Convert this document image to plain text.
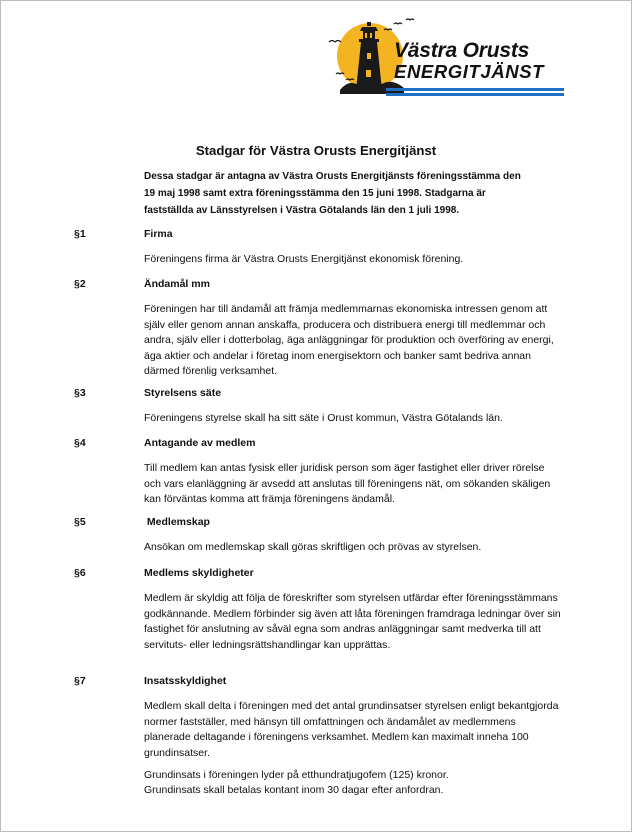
Västra Orusts
ENERGITJÄNST
Stadgar för Västra Orusts Energitjänst

Dessa stadgar är antagna av Västra Orusts Energitjänsts föreningsstämma den 19 maj 1998 samt extra föreningsstämma den 15 juni 1998. Stadgarna är fastställda av Länsstyrelsen i Västra Götalands län den 1 juli 1998.

§1	Firma

Föreningens firma är Västra Orusts Energitjänst ekonomisk förening.

§2	Ändamål mm

Föreningen har till ändamål att främja medlemmarnas ekonomiska intressen genom att själv eller genom annan anskaffa, producera och distribuera energi till medlemmar och andra, själv eller i dotterbolag, äga anläggningar för produktion och överföring av energi, äga aktier och andelar i företag inom energisektorn och banker samt bedriva annan därmed förenlig verksamhet.

§3	Styrelsens säte

Föreningens styrelse skall ha sitt säte i Orust kommun, Västra Götalands län.

§4	Antagande av medlem

Till medlem kan antas fysisk eller juridisk person som äger fastighet eller driver rörelse och vars elanläggning är avsedd att anslutas till föreningens nät, om sökanden skäligen kan förväntas komma att främja föreningens ändamål.

§5	Medlemskap

Ansökan om medlemskap skall göras skriftligen och prövas av styrelsen.

§6	Medlems skyldigheter

Medlem är skyldig att följa de föreskrifter som styrelsen utfärdar efter föreningsstämmans godkännande. Medlem förbinder sig även att låta föreningen framdraga ledningar över sin fastighet för anslutning av såväl egna som andras anläggningar samt medverka till att servituts- eller ledningsrättshandlingar kan upprättas.

§7	Insatsskyldighet

Medlem skall delta i föreningen med det antal grundinsatser styrelsen enligt bekantgjorda normer fastställer, med hänsyn till omfattningen och ändamålet av medlemmens planerade deltagande i föreningens verksamhet. Medlem kan maximalt inneha 100 grundinsatser.

Grundinsats i föreningen lyder på etthundratjugofem (125) kronor.

Grundinsats skall betalas kontant inom 30 dagar efter anfordran.
